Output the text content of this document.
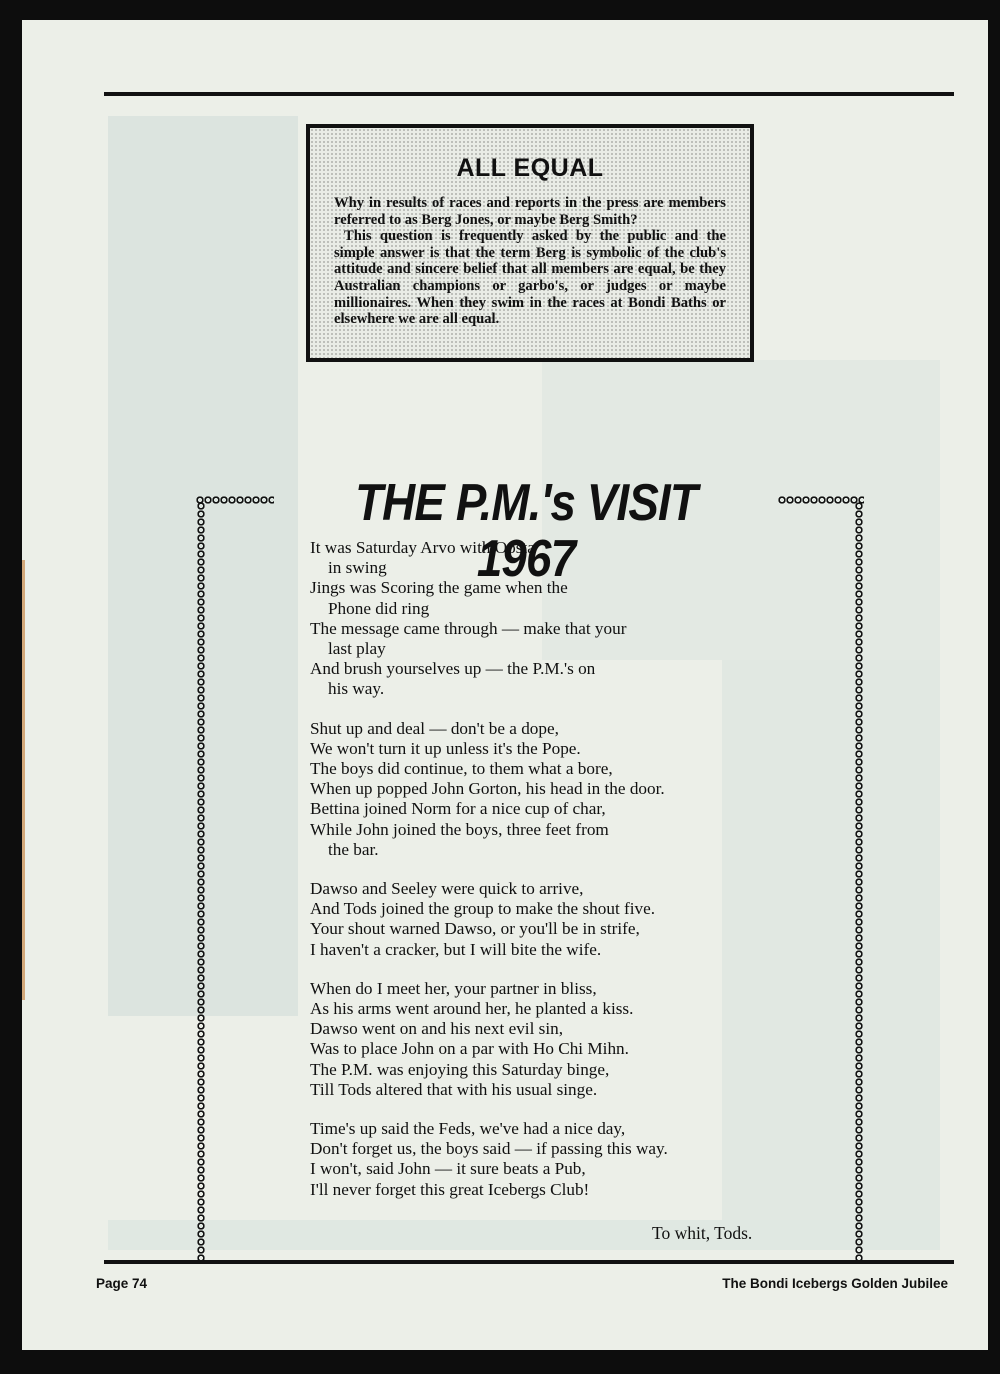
ALL EQUAL

Why in results of races and reports in the press are members referred to as Berg Jones, or maybe Berg Smith?

This question is frequently asked by the public and the simple answer is that the term Berg is symbolic of the club's attitude and sincere belief that all members are equal, be they Australian champions or garbo's, or judges or maybe millionaires. When they swim in the races at Bondi Baths or elsewhere we are all equal.

THE P.M.'s VISIT 1967
It was Saturday Arvo with Oosta
in swing
Jings was Scoring the game when the
Phone did ring
The message came through — make that your
last play
And brush yourselves up — the P.M.'s on
his way.
Shut up and deal — don't be a dope,
We won't turn it up unless it's the Pope.
The boys did continue, to them what a bore,
When up popped John Gorton, his head in the door.
Bettina joined Norm for a nice cup of char,
While John joined the boys, three feet from
the bar.
Dawso and Seeley were quick to arrive,
And Tods joined the group to make the shout five.
Your shout warned Dawso, or you'll be in strife,
I haven't a cracker, but I will bite the wife.
When do I meet her, your partner in bliss,
As his arms went around her, he planted a kiss.
Dawso went on and his next evil sin,
Was to place John on a par with Ho Chi Mihn.
The P.M. was enjoying this Saturday binge,
Till Tods altered that with his usual singe.
Time's up said the Feds, we've had a nice day,
Don't forget us, the boys said — if passing this way.
I won't, said John — it sure beats a Pub,
I'll never forget this great Icebergs Club!
To whit, Tods.
Page 74	The Bondi Icebergs Golden Jubilee
